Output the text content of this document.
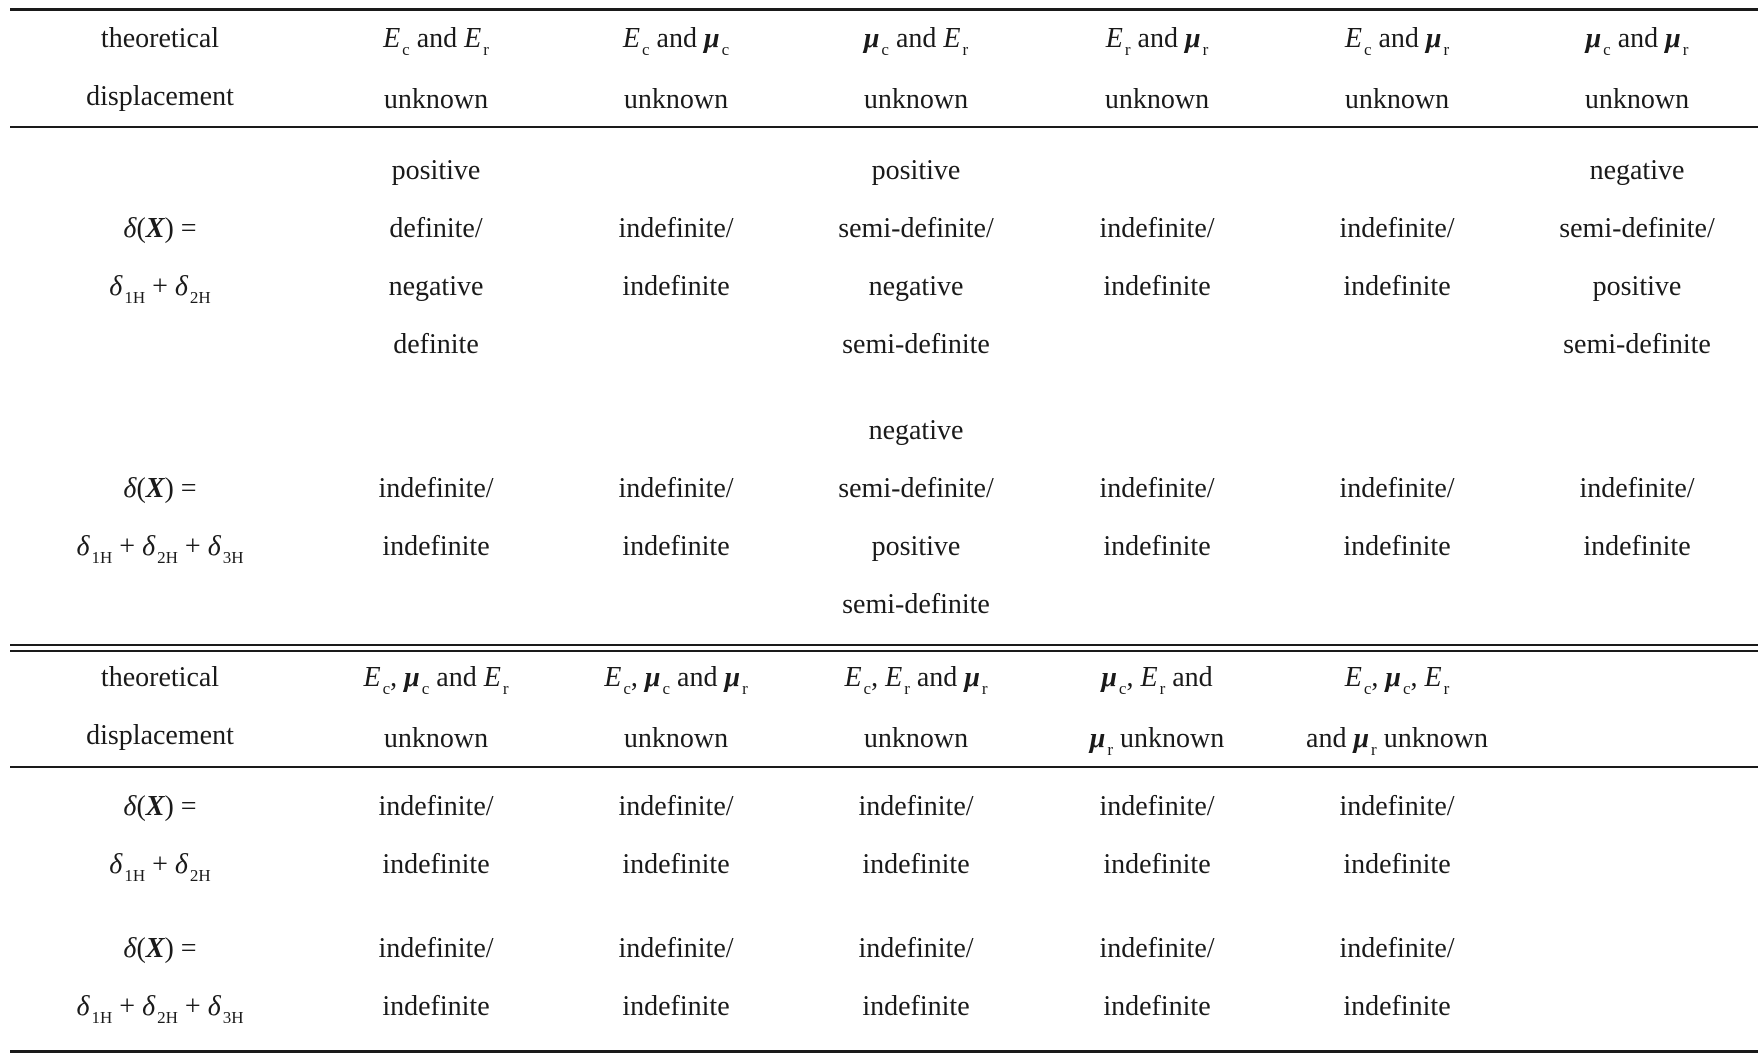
theoretical
displacement
E $_c$ and E $_r$
unknown
E $_c$ and μ $_c$
unknown
μ $_c$ and E $_r$
unknown
E $_r$ and μ $_r$
unknown
E $_c$ and μ $_r$
unknown
μ $_c$ and μ $_r$
unknown
δ(X) =
δ $_{1H}$ + δ $_{2H}$
positive
definite/
negative
definite
indefinite/
indefinite
positive
semi-definite/
negative
semi-definite
indefinite/
indefinite
indefinite/
indefinite
negative
semi-definite/
positive
semi-definite
δ(X) =
δ $_{1H}$ + δ $_{2H}$ + δ $_{3H}$
indefinite/
indefinite
indefinite/
indefinite
negative
semi-definite/
positive
semi-definite
indefinite/
indefinite
indefinite/
indefinite
indefinite/
indefinite
theoretical
displacement
E $_c$, μ $_c$ and E $_r$
unknown
E $_c$, μ $_c$ and μ $_r$
unknown
E $_c$, E $_r$ and μ $_r$
unknown
μ $_c$, E $_r$ and
μ $_r$ unknown
E $_c$, μ $_c$, E $_r$
and μ $_r$ unknown
δ(X) =
δ $_{1H}$ + δ $_{2H}$
indefinite/
indefinite
indefinite/
indefinite
indefinite/
indefinite
indefinite/
indefinite
indefinite/
indefinite
δ(X) =
δ $_{1H}$ + δ $_{2H}$ + δ $_{3H}$
indefinite/
indefinite
indefinite/
indefinite
indefinite/
indefinite
indefinite/
indefinite
indefinite/
indefinite
